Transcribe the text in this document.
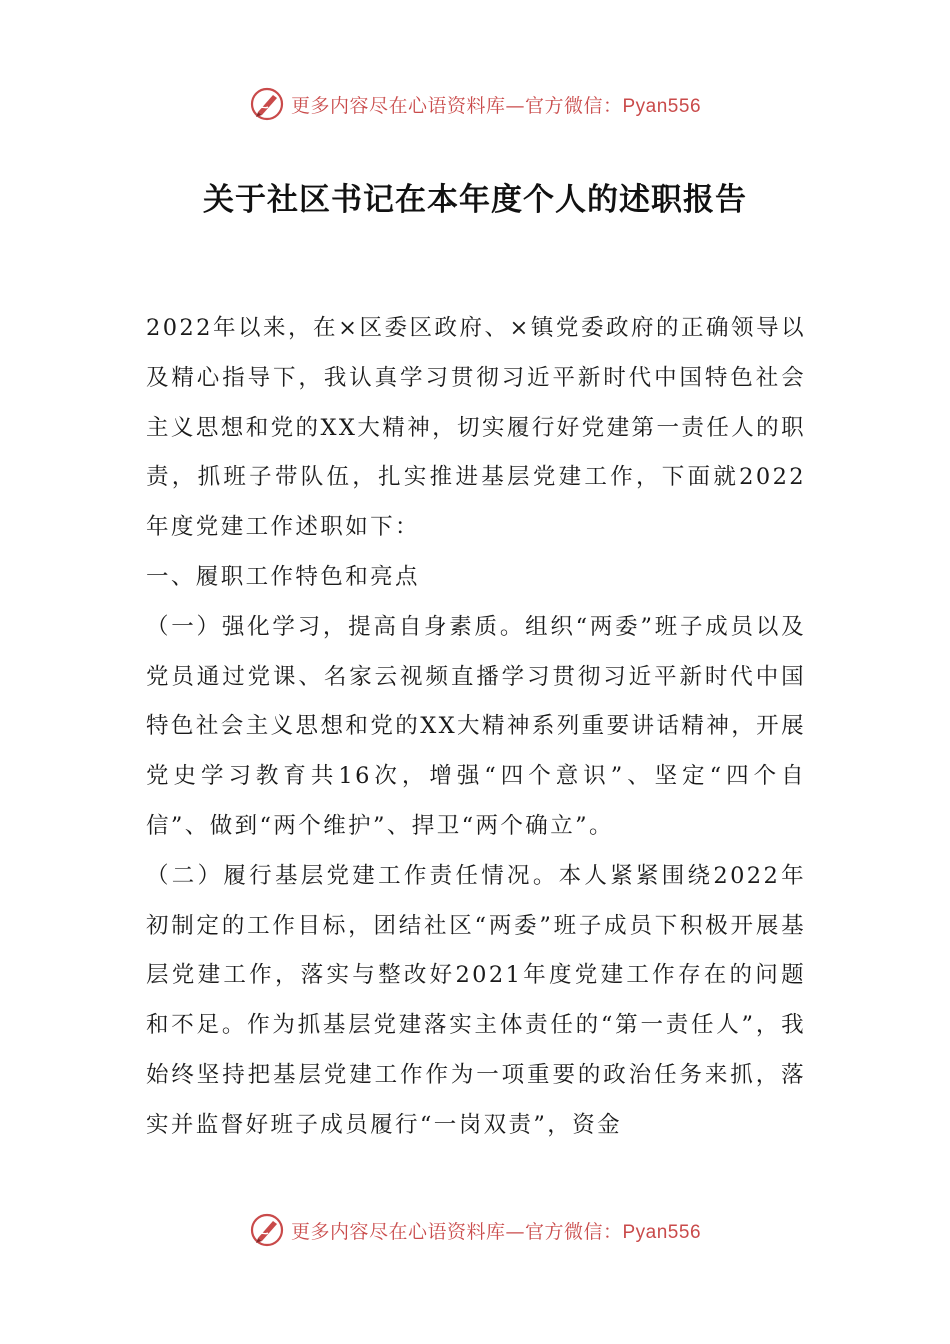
更多内容尽在心语资料库—官方微信：Pyan556
关于社区书记在本年度个人的述职报告

2022年以来，在×区委区政府、×镇党委政府的正确领导以及精心指导下，我认真学习贯彻习近平新时代中国特色社会主义思想和党的XX大精神，切实履行好党建第一责任人的职责，抓班子带队伍，扎实推进基层党建工作，下面就2022年度党建工作述职如下：

一、履职工作特色和亮点

（一）强化学习，提高自身素质。组织“两委”班子成员以及党员通过党课、名家云视频直播学习贯彻习近平新时代中国特色社会主义思想和党的XX大精神系列重要讲话精神，开展党史学习教育共16次，增强“四个意识”、坚定“四个自信”、做到“两个维护”、捍卫“两个确立”。

（二）履行基层党建工作责任情况。本人紧紧围绕2022年初制定的工作目标，团结社区“两委”班子成员下积极开展基层党建工作，落实与整改好2021年度党建工作存在的问题和不足。作为抓基层党建落实主体责任的“第一责任人”，我始终坚持把基层党建工作作为一项重要的政治任务来抓，落实并监督好班子成员履行“一岗双责”，资金

更多内容尽在心语资料库—官方微信：Pyan556
